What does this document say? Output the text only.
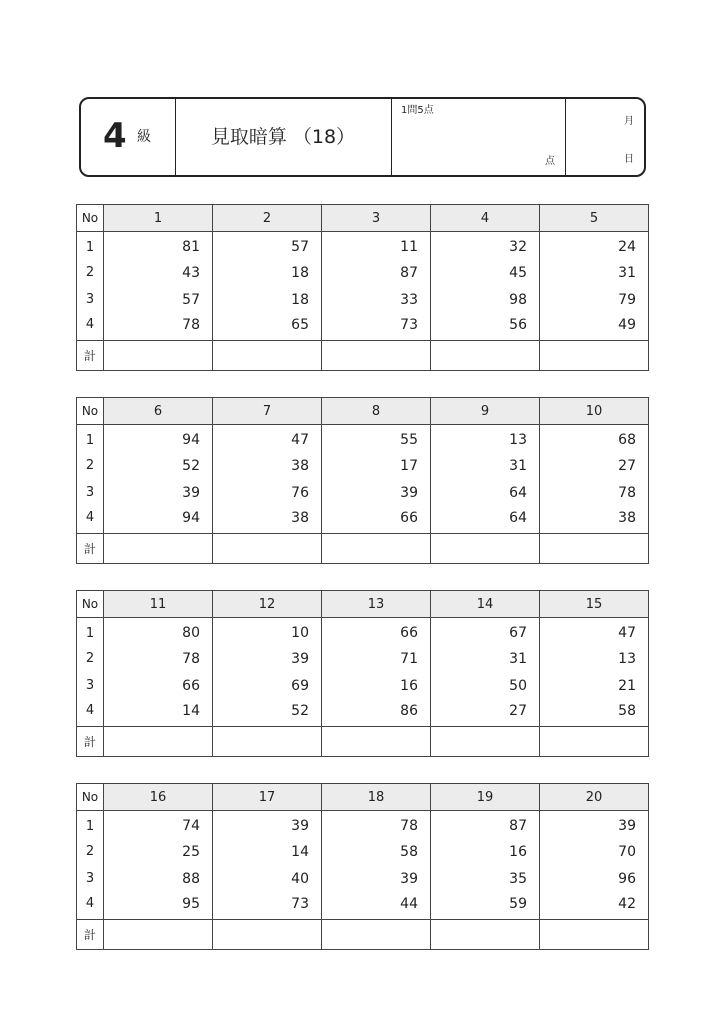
4 級	見取暗算 （18）
1問5点
点
月
日
No	1	2	3	4	5
1	81	57	11	32	24
2	43	18	87	45	31
3	57	18	33	98	79
4	78	65	73	56	49
計					
No	6	7	8	9	10
1	94	47	55	13	68
2	52	38	17	31	27
3	39	76	39	64	78
4	94	38	66	64	38
計					
No	11	12	13	14	15
1	80	10	66	67	47
2	78	39	71	31	13
3	66	69	16	50	21
4	14	52	86	27	58
計					
No	16	17	18	19	20
1	74	39	78	87	39
2	25	14	58	16	70
3	88	40	39	35	96
4	95	73	44	59	42
計					
